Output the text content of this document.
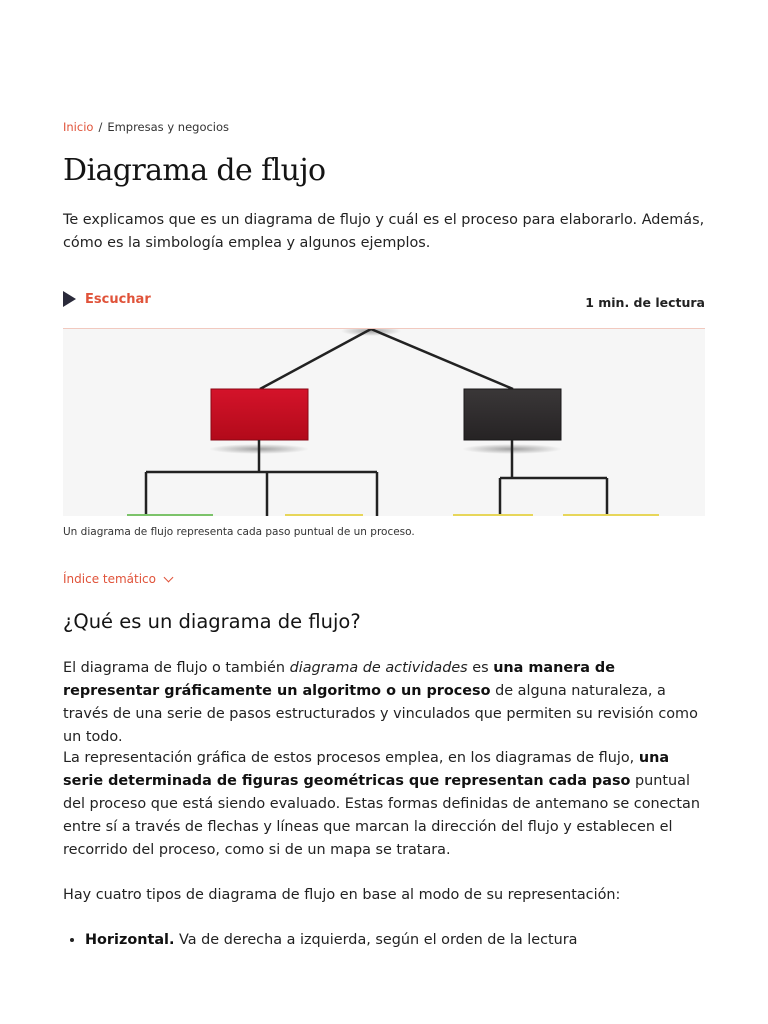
Inicio / Empresas y negocios
Diagrama de flujo

Te explicamos que es un diagrama de flujo y cuál es el proceso para elaborarlo. Además, cómo es la simbología emplea y algunos ejemplos.

Escuchar	1 min. de lectura
Un diagrama de flujo representa cada paso puntual de un proceso.
Índice temático
¿Qué es un diagrama de flujo?

El diagrama de flujo o también diagrama de actividades es una manera de representar gráficamente un algoritmo o un proceso de alguna naturaleza, a través de una serie de pasos estructurados y vinculados que permiten su revisión como un todo.

La representación gráfica de estos procesos emplea, en los diagramas de flujo, una serie determinada de figuras geométricas que representan cada paso puntual del proceso que está siendo evaluado. Estas formas definidas de antemano se conectan entre sí a través de flechas y líneas que marcan la dirección del flujo y establecen el recorrido del proceso, como si de un mapa se tratara.

Hay cuatro tipos de diagrama de flujo en base al modo de su representación:

• Horizontal. Va de derecha a izquierda, según el orden de la lectura
